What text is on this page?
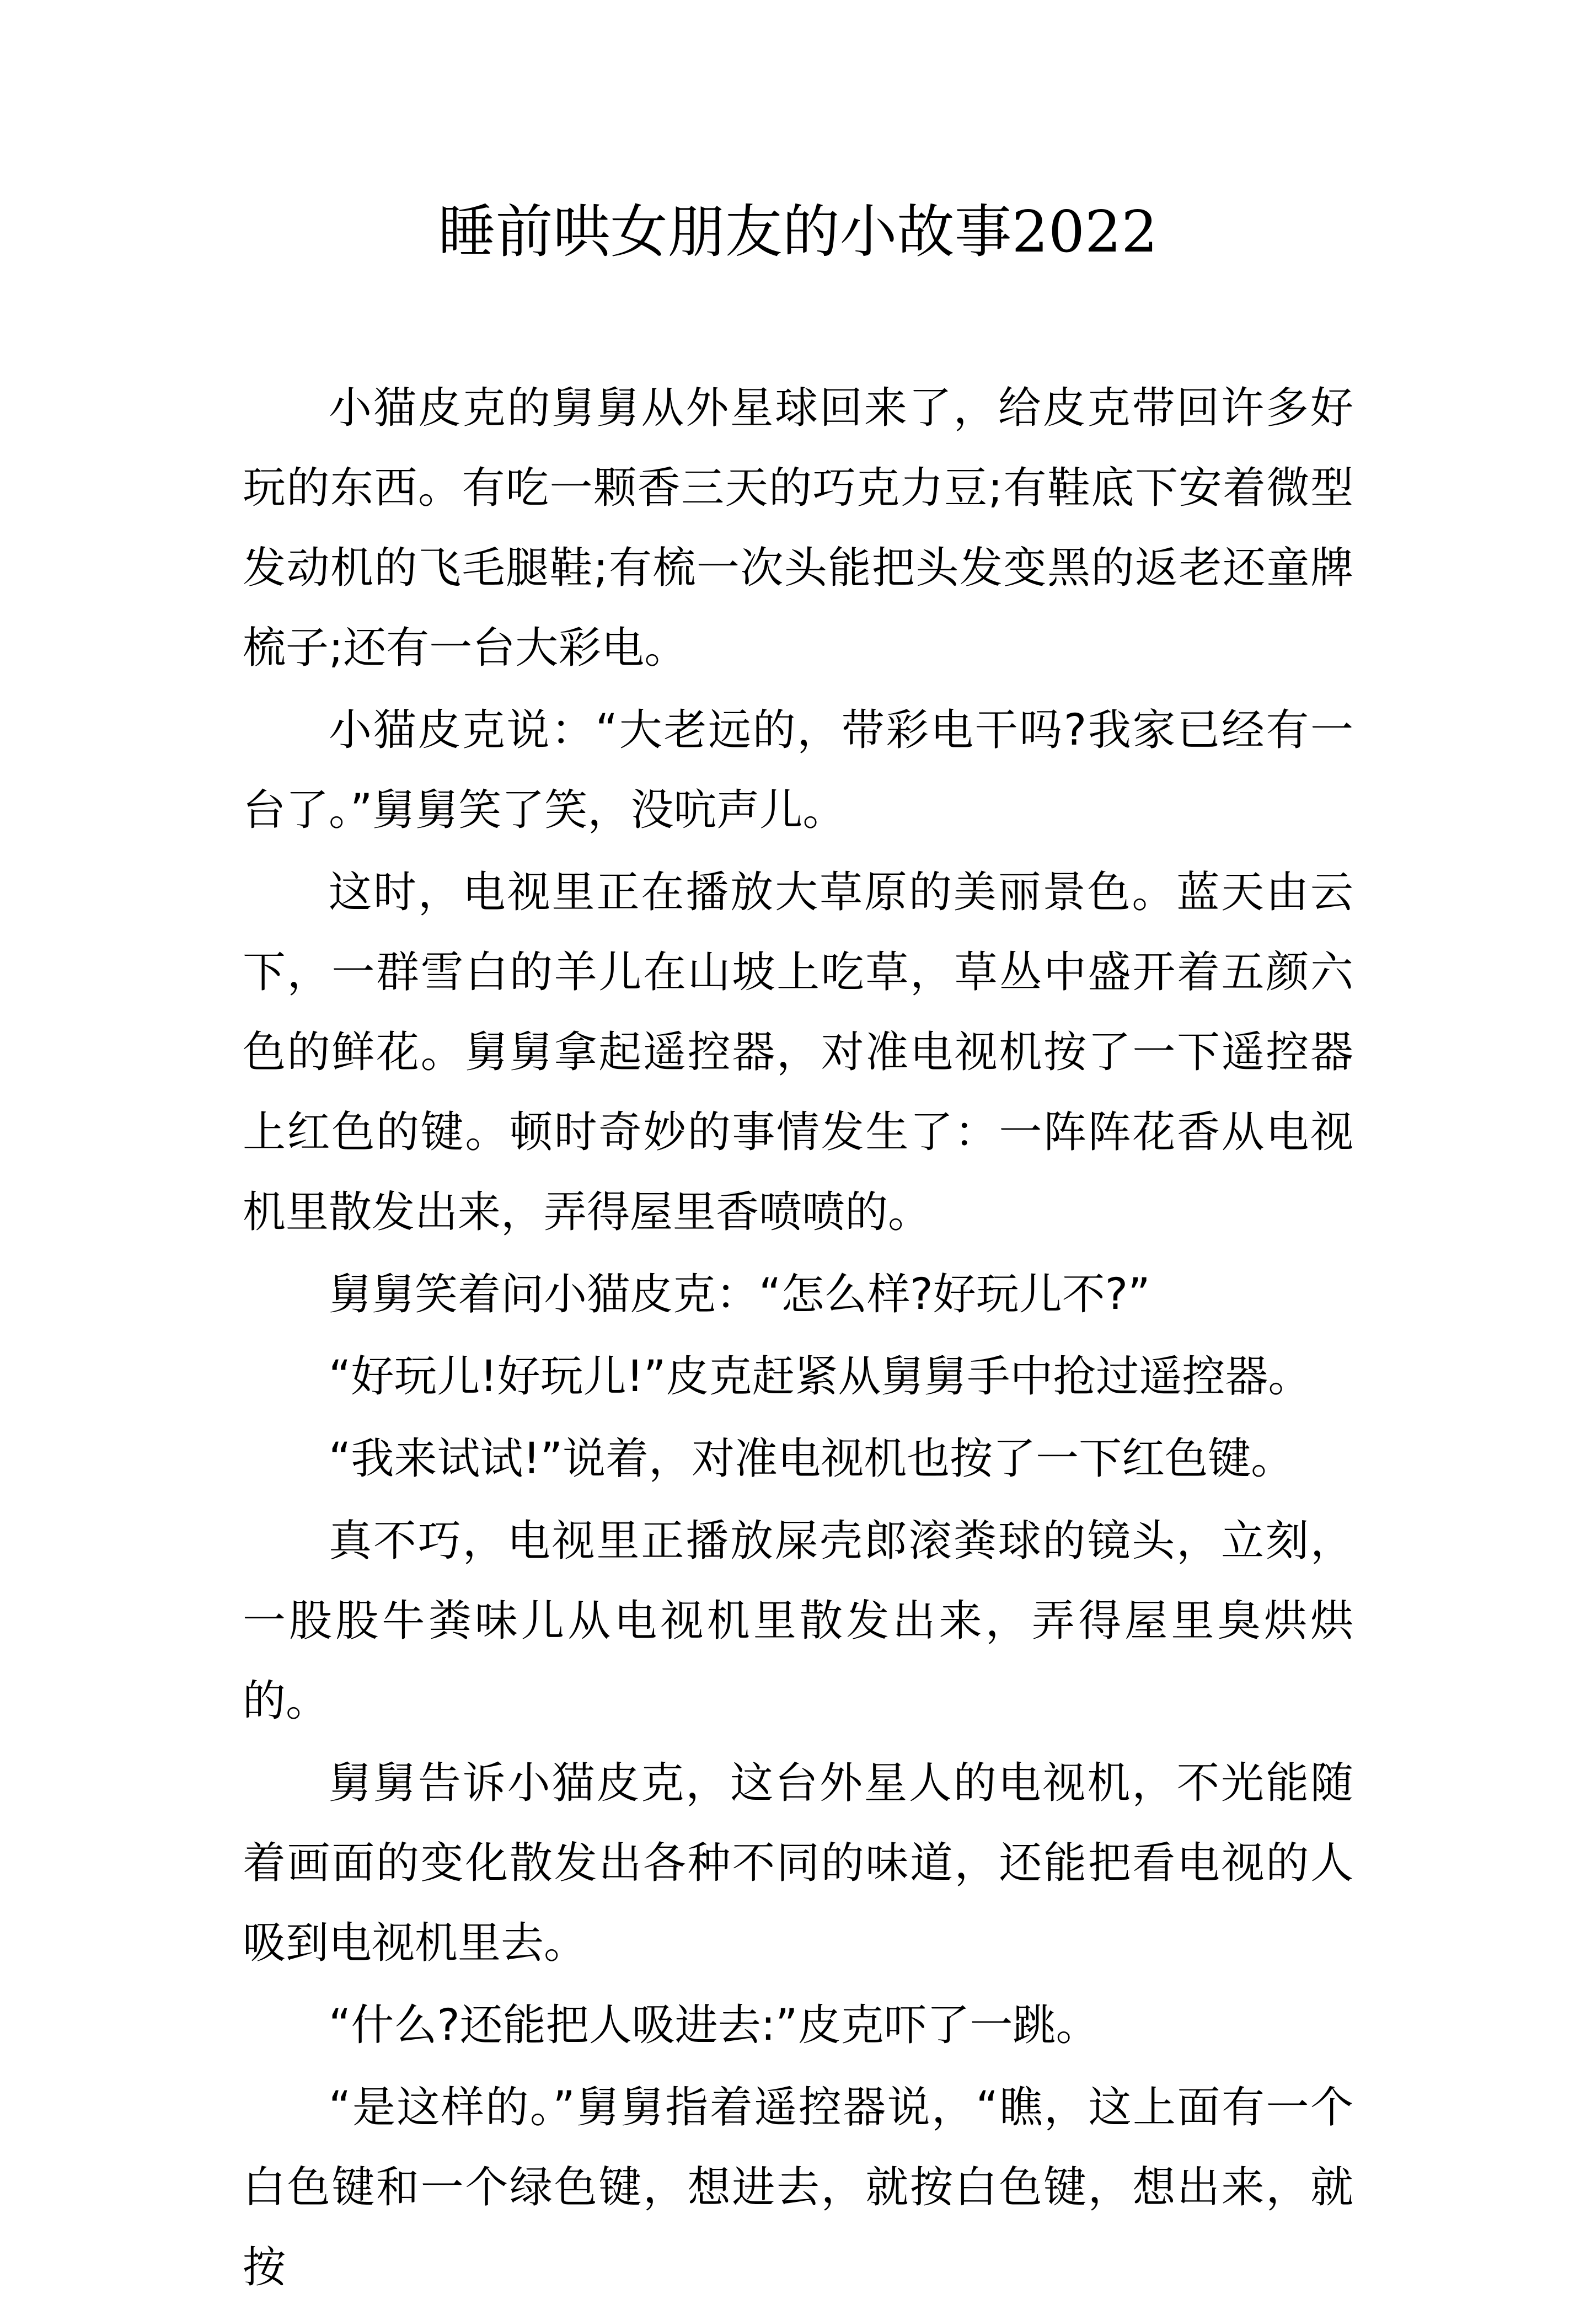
睡前哄女朋友的小故事2022

小猫皮克的舅舅从外星球回来了，给皮克带回许多好玩的东西。有吃一颗香三天的巧克力豆;有鞋底下安着微型发动机的飞毛腿鞋;有梳一次头能把头发变黑的返老还童牌梳子;还有一台大彩电。

小猫皮克说：“大老远的，带彩电干吗?我家已经有一台了。”舅舅笑了笑，没吭声儿。

这时，电视里正在播放大草原的美丽景色。蓝天由云下，一群雪白的羊儿在山坡上吃草，草丛中盛开着五颜六色的鲜花。舅舅拿起遥控器，对准电视机按了一下遥控器上红色的键。顿时奇妙的事情发生了：一阵阵花香从电视机里散发出来，弄得屋里香喷喷的。

舅舅笑着问小猫皮克：“怎么样?好玩儿不?”

“好玩儿!好玩儿!”皮克赶紧从舅舅手中抢过遥控器。

“我来试试!”说着，对准电视机也按了一下红色键。

真不巧，电视里正播放屎壳郎滚粪球的镜头，立刻，一股股牛粪味儿从电视机里散发出来，弄得屋里臭烘烘的。

舅舅告诉小猫皮克，这台外星人的电视机，不光能随着画面的变化散发出各种不同的味道，还能把看电视的人吸到电视机里去。

“什么?还能把人吸进去:”皮克吓了一跳。

“是这样的。”舅舅指着遥控器说，“瞧，这上面有一个白色键和一个绿色键，想进去，就按白色键，想出来，就按
